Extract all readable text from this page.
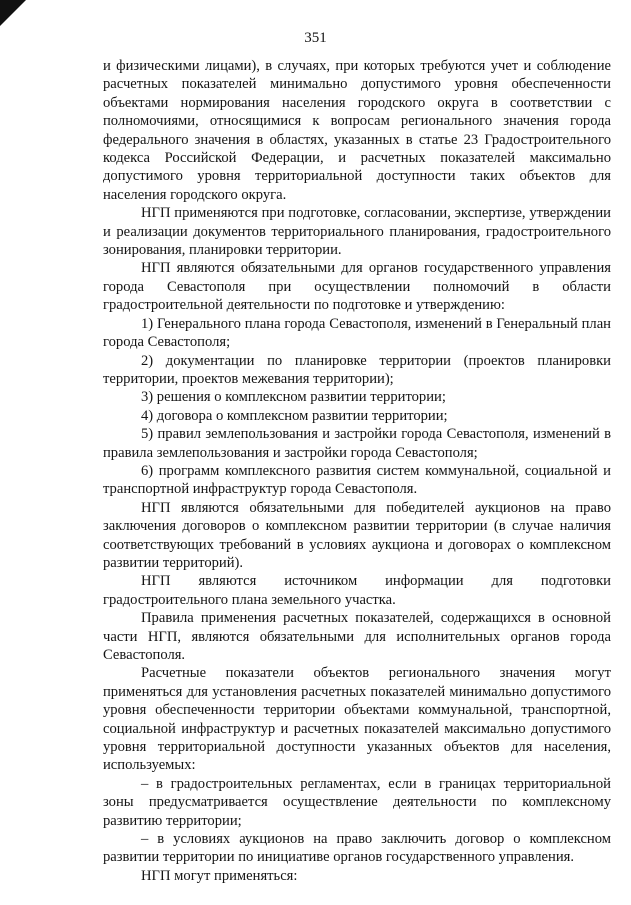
351

и физическими лицами), в случаях, при которых требуются учет и соблюдение расчетных показателей минимально допустимого уровня обеспеченности объектами нормирования населения городского округа в соответствии с полномочиями, относящимися к вопросам регионального значения города федерального значения в областях, указанных в статье 23 Градостроительного кодекса Российской Федерации, и расчетных показателей максимально допустимого уровня территориальной доступности таких объектов для населения городского округа.

НГП применяются при подготовке, согласовании, экспертизе, утверждении и реализации документов территориального планирования, градостроительного зонирования, планировки территории.

НГП являются обязательными для органов государственного управления города Севастополя при осуществлении полномочий в области градостроительной деятельности по подготовке и утверждению:

1) Генерального плана города Севастополя, изменений в Генеральный план города Севастополя;

2) документации по планировке территории (проектов планировки территории, проектов межевания территории);

3) решения о комплексном развитии территории;

4) договора о комплексном развитии территории;

5) правил землепользования и застройки города Севастополя, изменений в правила землепользования и застройки города Севастополя;

6) программ комплексного развития систем коммунальной, социальной и транспортной инфраструктур города Севастополя.

НГП являются обязательными для победителей аукционов на право заключения договоров о комплексном развитии территории (в случае наличия соответствующих требований в условиях аукциона и договорах о комплексном развитии территорий).

НГП являются источником информации для подготовки градостроительного плана земельного участка.

Правила применения расчетных показателей, содержащихся в основной части НГП, являются обязательными для исполнительных органов города Севастополя.

Расчетные показатели объектов регионального значения могут применяться для установления расчетных показателей минимально допустимого уровня обеспеченности территории объектами коммунальной, транспортной, социальной инфраструктур и расчетных показателей максимально допустимого уровня территориальной доступности указанных объектов для населения, используемых:

– в градостроительных регламентах, если в границах территориальной зоны предусматривается осуществление деятельности по комплексному развитию территории;

– в условиях аукционов на право заключить договор о комплексном развитии территории по инициативе органов государственного управления.

НГП могут применяться:
